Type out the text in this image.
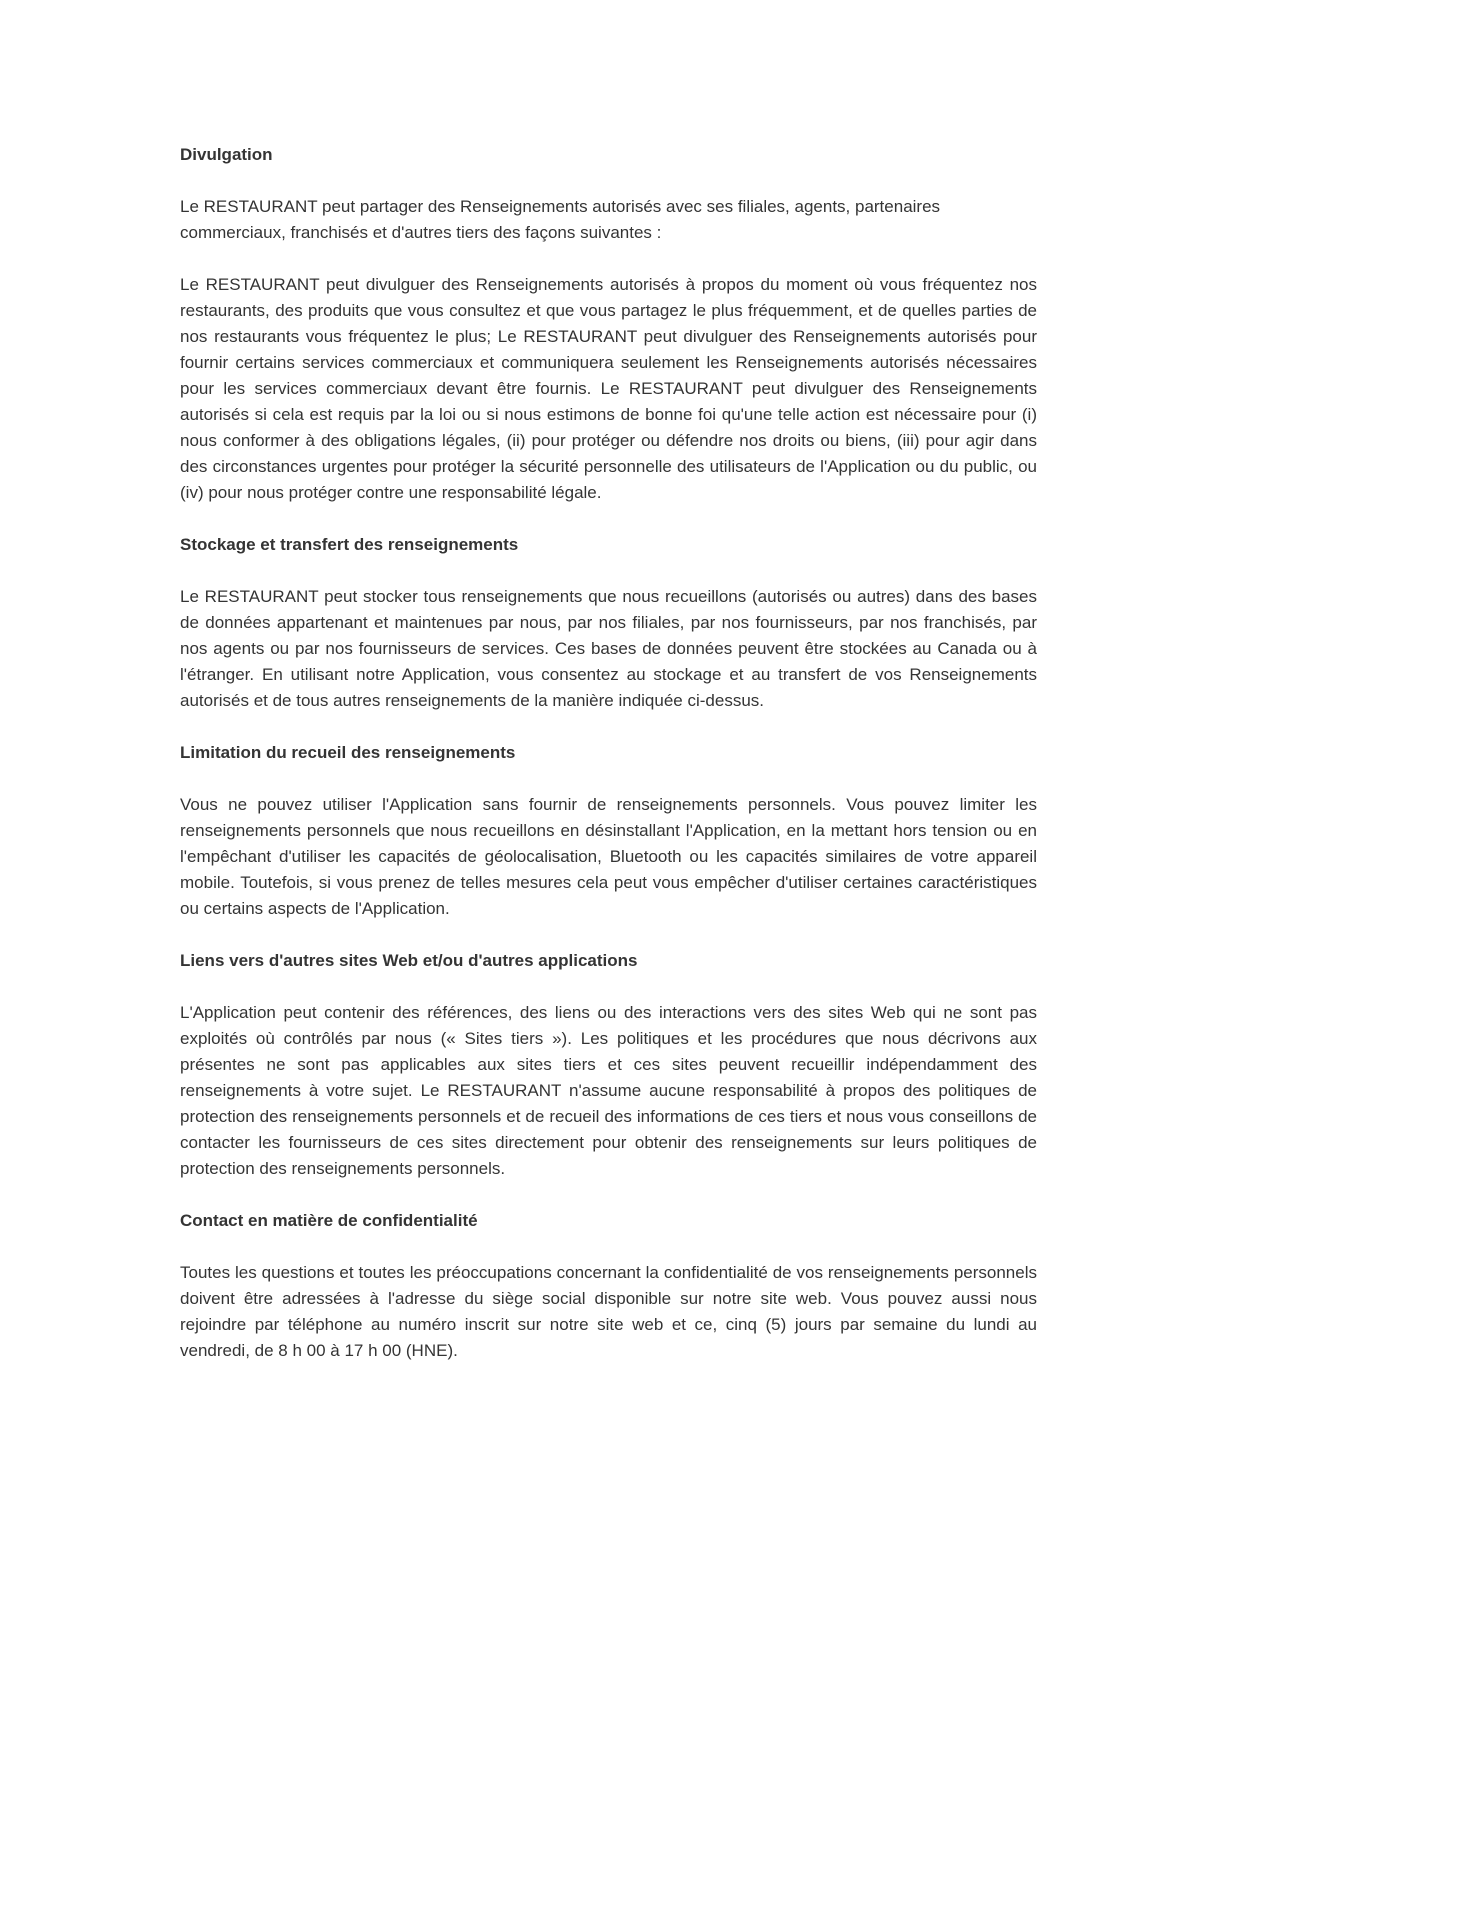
Divulgation

Le RESTAURANT peut partager des Renseignements autorisés avec ses filiales, agents, partenaires commerciaux, franchisés et d'autres tiers des façons suivantes :

Le RESTAURANT peut divulguer des Renseignements autorisés à propos du moment où vous fréquentez nos restaurants, des produits que vous consultez et que vous partagez le plus fréquemment, et de quelles parties de nos restaurants vous fréquentez le plus; Le RESTAURANT peut divulguer des Renseignements autorisés pour fournir certains services commerciaux et communiquera seulement les Renseignements autorisés nécessaires pour les services commerciaux devant être fournis. Le RESTAURANT peut divulguer des Renseignements autorisés si cela est requis par la loi ou si nous estimons de bonne foi qu'une telle action est nécessaire pour (i) nous conformer à des obligations légales, (ii) pour protéger ou défendre nos droits ou biens, (iii) pour agir dans des circonstances urgentes pour protéger la sécurité personnelle des utilisateurs de l'Application ou du public, ou (iv) pour nous protéger contre une responsabilité légale.

Stockage et transfert des renseignements

Le RESTAURANT peut stocker tous renseignements que nous recueillons (autorisés ou autres) dans des bases de données appartenant et maintenues par nous, par nos filiales, par nos fournisseurs, par nos franchisés, par nos agents ou par nos fournisseurs de services. Ces bases de données peuvent être stockées au Canada ou à l'étranger. En utilisant notre Application, vous consentez au stockage et au transfert de vos Renseignements autorisés et de tous autres renseignements de la manière indiquée ci-dessus.

Limitation du recueil des renseignements

Vous ne pouvez utiliser l'Application sans fournir de renseignements personnels. Vous pouvez limiter les renseignements personnels que nous recueillons en désinstallant l'Application, en la mettant hors tension ou en l'empêchant d'utiliser les capacités de géolocalisation, Bluetooth ou les capacités similaires de votre appareil mobile. Toutefois, si vous prenez de telles mesures cela peut vous empêcher d'utiliser certaines caractéristiques ou certains aspects de l'Application.

Liens vers d'autres sites Web et/ou d'autres applications

L'Application peut contenir des références, des liens ou des interactions vers des sites Web qui ne sont pas exploités où contrôlés par nous (« Sites tiers »). Les politiques et les procédures que nous décrivons aux présentes ne sont pas applicables aux sites tiers et ces sites peuvent recueillir indépendamment des renseignements à votre sujet. Le RESTAURANT n'assume aucune responsabilité à propos des politiques de protection des renseignements personnels et de recueil des informations de ces tiers et nous vous conseillons de contacter les fournisseurs de ces sites directement pour obtenir des renseignements sur leurs politiques de protection des renseignements personnels.

Contact en matière de confidentialité

Toutes les questions et toutes les préoccupations concernant la confidentialité de vos renseignements personnels doivent être adressées à l'adresse du siège social disponible sur notre site web. Vous pouvez aussi nous rejoindre par téléphone au numéro inscrit sur notre site web et ce, cinq (5) jours par semaine du lundi au vendredi, de 8 h 00 à 17 h 00 (HNE).
